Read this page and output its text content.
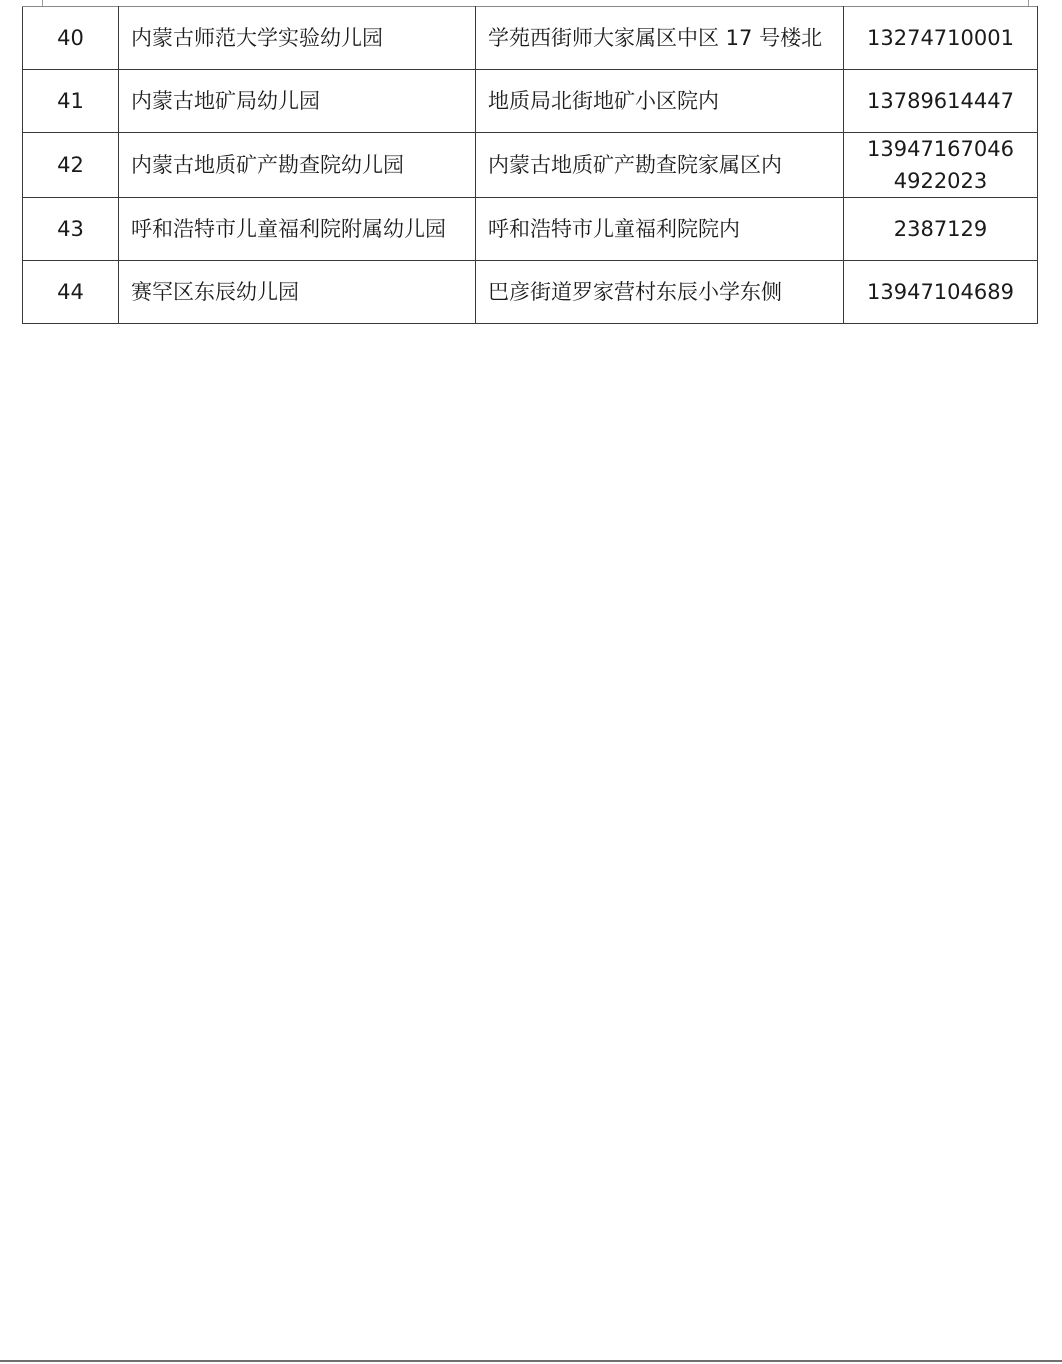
40	内蒙古师范大学实验幼儿园	学苑西街师大家属区中区 17 号楼北	13274710001

41	内蒙古地矿局幼儿园	地质局北街地矿小区院内	13789614447

42	内蒙古地质矿产勘查院幼儿园	内蒙古地质矿产勘查院家属区内	13947167046
4922023

43	呼和浩特市儿童福利院附属幼儿园	呼和浩特市儿童福利院院内	2387129

44	赛罕区东辰幼儿园	巴彦街道罗家营村东辰小学东侧	13947104689
